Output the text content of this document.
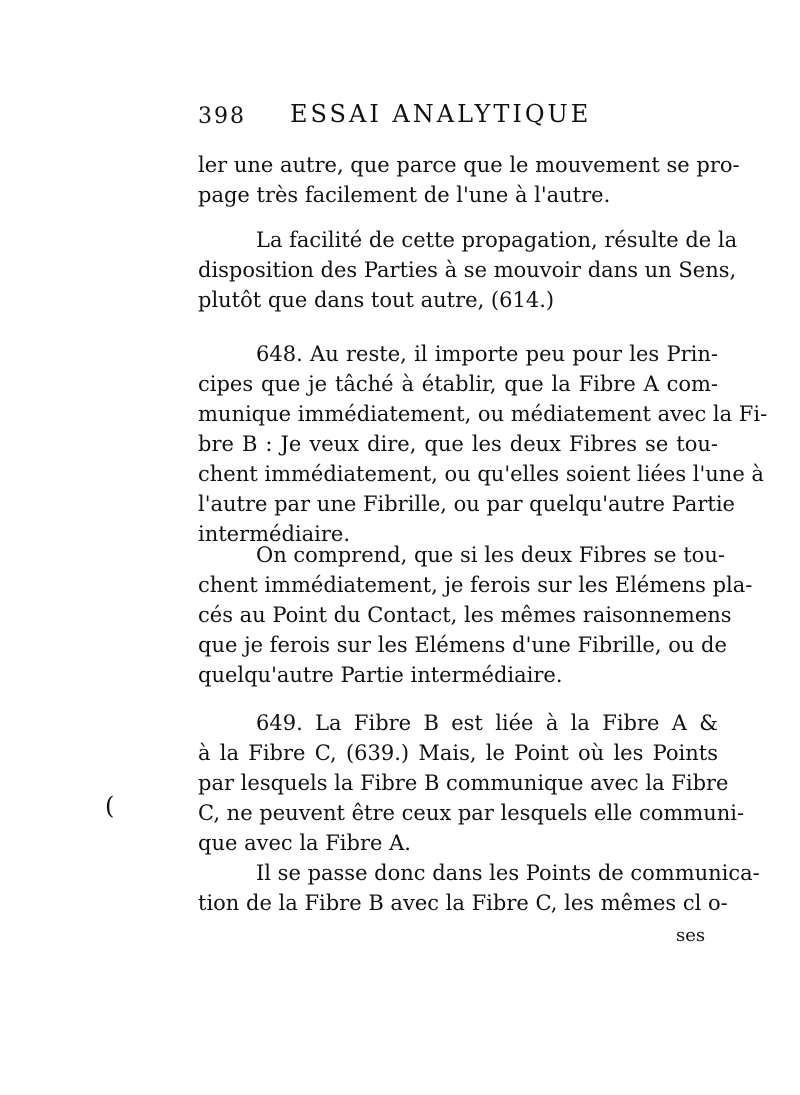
398 ESSAI ANALYTIQUE
(
ler une autre, que parce que le mouvement se pro-
page très facilement de l'une à l'autre.
La facilité de cette propagation, résulte de la
disposition des Parties à se mouvoir dans un Sens,
plutôt que dans tout autre, (614.)
648. Au reste, il importe peu pour les Prin-
cipes que je tâché à établir, que la Fibre A com-
munique immédiatement, ou médiatement avec la Fi-
bre B : Je veux dire, que les deux Fibres se tou-
chent immédiatement, ou qu'elles soient liées l'une à
l'autre par une Fibrille, ou par quelqu'autre Partie
intermédiaire.
On comprend, que si les deux Fibres se tou-
chent immédiatement, je ferois sur les Elémens pla-
cés au Point du Contact, les mêmes raisonnemens
que je ferois sur les Elémens d'une Fibrille, ou de
quelqu'autre Partie intermédiaire.
649. La Fibre B est liée à la Fibre A &
à la Fibre C, (639.) Mais, le Point où les Points
par lesquels la Fibre B communique avec la Fibre
C, ne peuvent être ceux par lesquels elle communi-
que avec la Fibre A.
Il se passe donc dans les Points de communica-
tion de la Fibre B avec la Fibre C, les mêmes cl o-
ses
